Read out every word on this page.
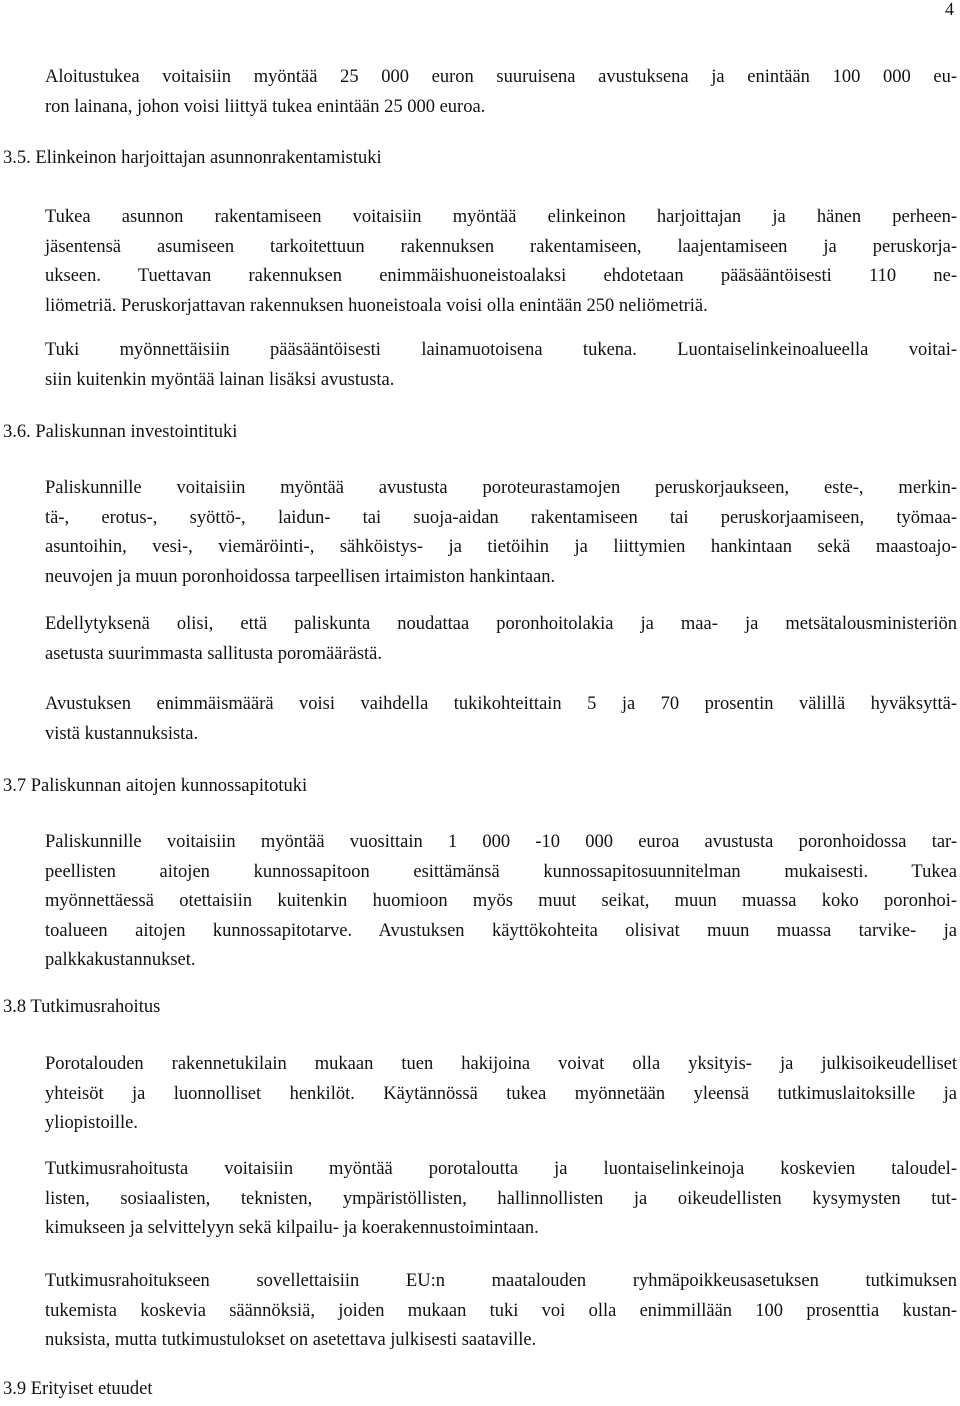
4
Aloitustukea voitaisiin myöntää 25 000 euron suuruisena avustuksena ja enintään 100 000 eu-
ron lainana, johon voisi liittyä tukea enintään 25 000 euroa.
3.5. Elinkeinon harjoittajan asunnonrakentamistuki
Tukea asunnon rakentamiseen voitaisiin myöntää elinkeinon harjoittajan ja hänen perheen-
jäsentensä asumiseen tarkoitettuun rakennuksen rakentamiseen, laajentamiseen ja peruskorja-
ukseen. Tuettavan rakennuksen enimmäishuoneistoalaksi ehdotetaan pääsääntöisesti 110 ne-
liömetriä. Peruskorjattavan rakennuksen huoneistoala voisi olla enintään 250 neliömetriä.
Tuki myönnettäisiin pääsääntöisesti lainamuotoisena tukena. Luontaiselinkeinoalueella voitai-
siin kuitenkin myöntää lainan lisäksi avustusta.
3.6. Paliskunnan investointituki
Paliskunnille voitaisiin myöntää avustusta poroteurastamojen peruskorjaukseen, este-, merkin-
tä-, erotus-, syöttö-, laidun- tai suoja-aidan rakentamiseen tai peruskorjaamiseen, työmaa-
asuntoihin, vesi-, viemäröinti-, sähköistys- ja tietöihin ja liittymien hankintaan sekä maastoajo-
neuvojen ja muun poronhoidossa tarpeellisen irtaimiston hankintaan.
Edellytyksenä olisi, että paliskunta noudattaa poronhoitolakia ja maa- ja metsätalousministeriön
asetusta suurimmasta sallitusta poromäärästä.
Avustuksen enimmäismäärä voisi vaihdella tukikohteittain 5 ja 70 prosentin välillä hyväksyttä-
vistä kustannuksista.
3.7 Paliskunnan aitojen kunnossapitotuki
Paliskunnille voitaisiin myöntää vuosittain 1 000 -10 000 euroa avustusta poronhoidossa tar-
peellisten aitojen kunnossapitoon esittämänsä kunnossapitosuunnitelman mukaisesti. Tukea
myönnettäessä otettaisiin kuitenkin huomioon myös muut seikat, muun muassa koko poronhoi-
toalueen aitojen kunnossapitotarve. Avustuksen käyttökohteita olisivat muun muassa tarvike- ja
palkkakustannukset.
3.8 Tutkimusrahoitus
Porotalouden rakennetukilain mukaan tuen hakijoina voivat olla yksityis- ja julkisoikeudelliset
yhteisöt ja luonnolliset henkilöt. Käytännössä tukea myönnetään yleensä tutkimuslaitoksille ja
yliopistoille.
Tutkimusrahoitusta voitaisiin myöntää porotaloutta ja luontaiselinkeinoja koskevien taloudel-
listen, sosiaalisten, teknisten, ympäristöllisten, hallinnollisten ja oikeudellisten kysymysten tut-
kimukseen ja selvittelyyn sekä kilpailu- ja koerakennustoimintaan.
Tutkimusrahoitukseen sovellettaisiin EU:n maatalouden ryhmäpoikkeusasetuksen tutkimuksen
tukemista koskevia säännöksiä, joiden mukaan tuki voi olla enimmillään 100 prosenttia kustan-
nuksista, mutta tutkimustulokset on asetettava julkisesti saataville.
3.9 Erityiset etuudet
